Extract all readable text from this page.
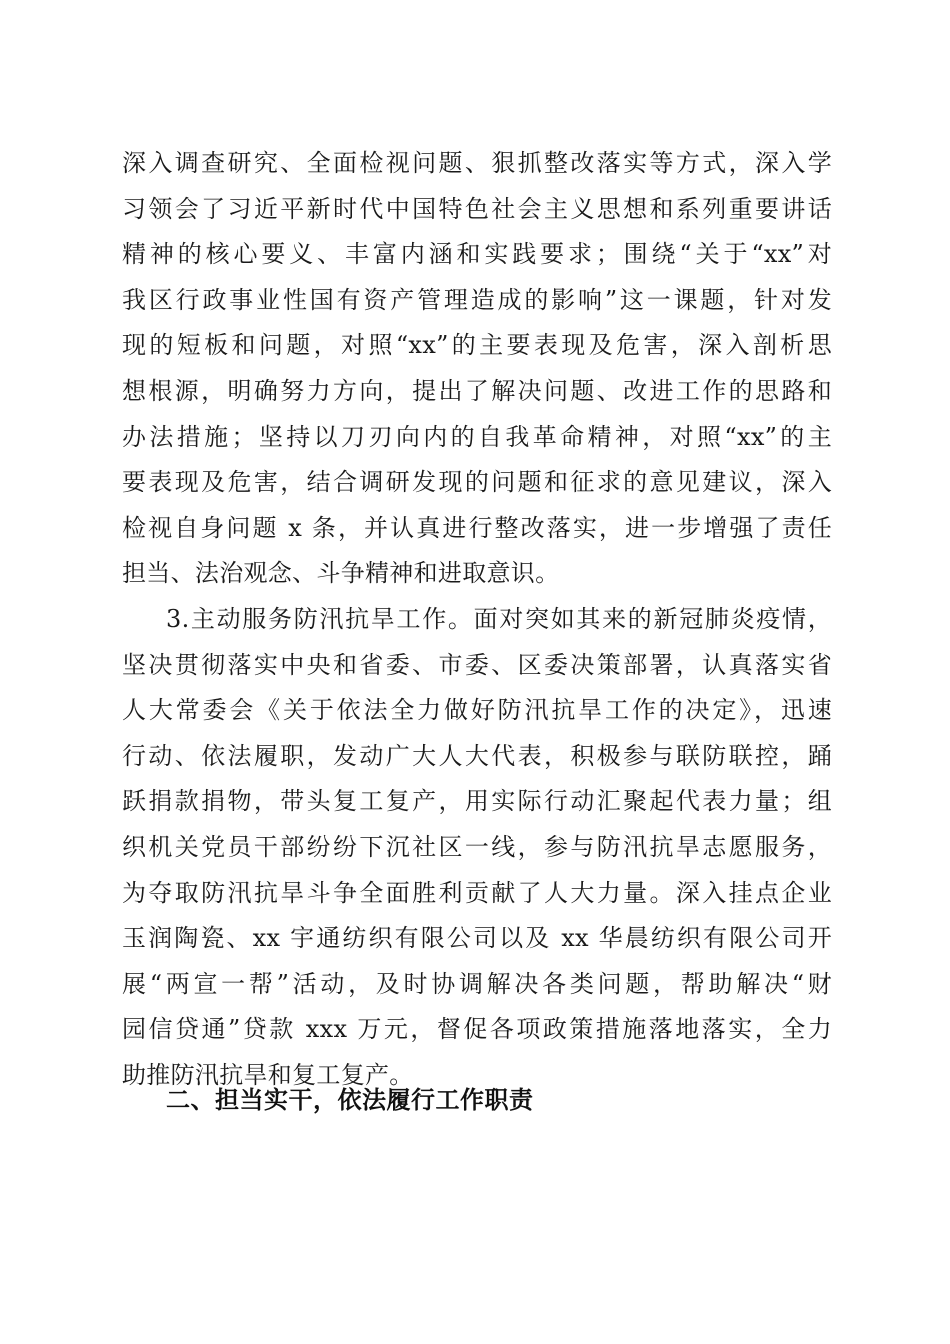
深入调查研究、全面检视问题、狠抓整改落实等方式，深入学
习领会了习近平新时代中国特色社会主义思想和系列重要讲话
精神的核心要义、丰富内涵和实践要求；围绕“关于“xx”对
我区行政事业性国有资产管理造成的影响”这一课题，针对发
现的短板和问题，对照“xx”的主要表现及危害，深入剖析思
想根源，明确努力方向，提出了解决问题、改进工作的思路和
办法措施；坚持以刀刃向内的自我革命精神，对照“xx”的主
要表现及危害，结合调研发现的问题和征求的意见建议，深入
检视自身问题 x 条，并认真进行整改落实，进一步增强了责任
担当、法治观念、斗争精神和进取意识。
3.主动服务防汛抗旱工作。面对突如其来的新冠肺炎疫情，
坚决贯彻落实中央和省委、市委、区委决策部署，认真落实省
人大常委会《关于依法全力做好防汛抗旱工作的决定》，迅速
行动、依法履职，发动广大人大代表，积极参与联防联控，踊
跃捐款捐物，带头复工复产，用实际行动汇聚起代表力量；组
织机关党员干部纷纷下沉社区一线，参与防汛抗旱志愿服务，
为夺取防汛抗旱斗争全面胜利贡献了人大力量。深入挂点企业
玉润陶瓷、xx 宇通纺织有限公司以及 xx 华晨纺织有限公司开
展“两宣一帮”活动，及时协调解决各类问题，帮助解决“财
园信贷通”贷款 xxx 万元，督促各项政策措施落地落实，全力
助推防汛抗旱和复工复产。
二、担当实干，依法履行工作职责
